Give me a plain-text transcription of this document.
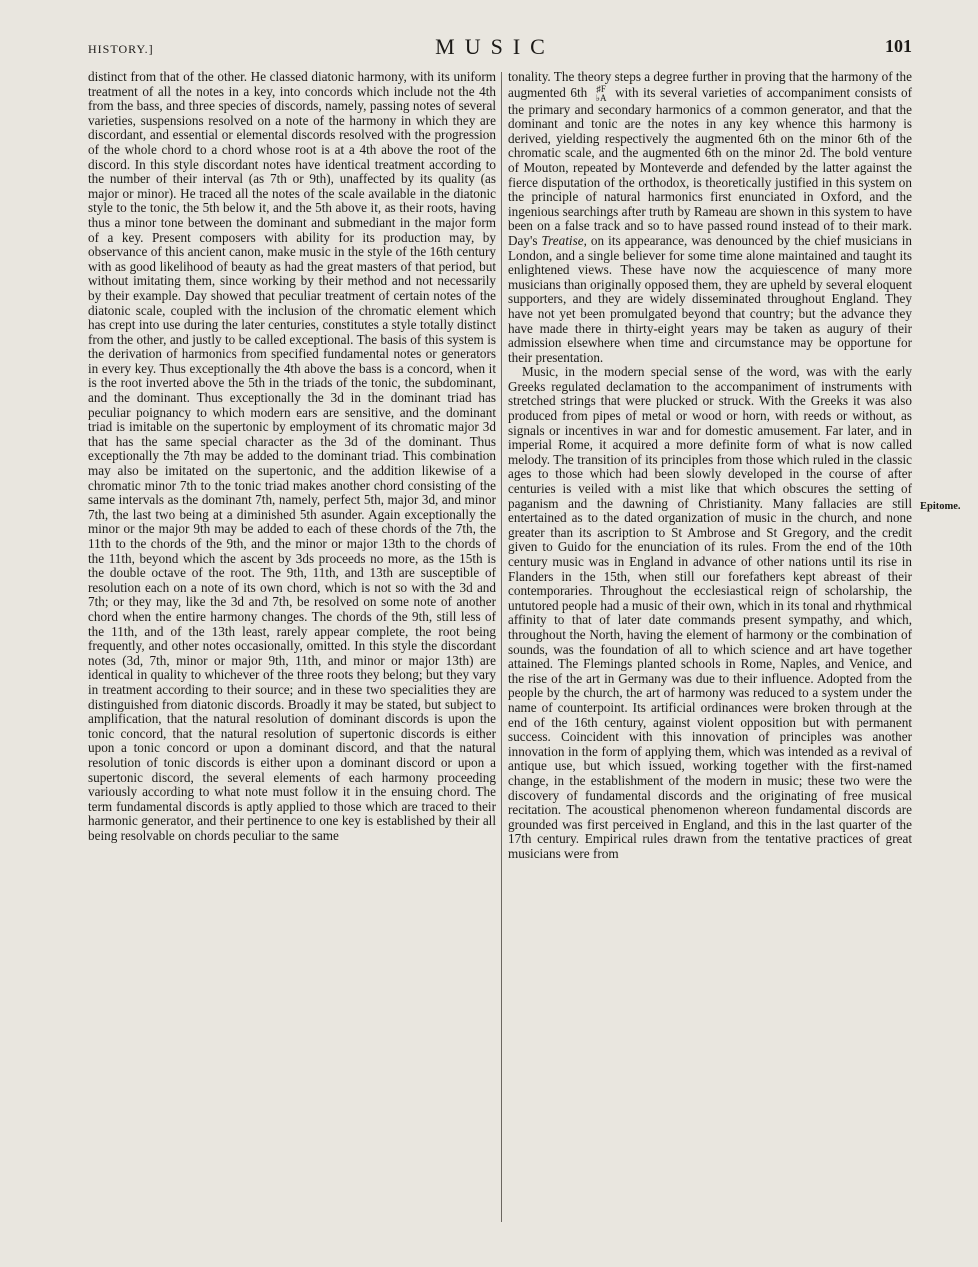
HISTORY.]	MUSIC	101

distinct from that of the other. He classed diatonic harmony, with its uniform treatment of all the notes in a key, into concords which include not the 4th from the bass, and three species of discords, namely, passing notes of several varieties, suspensions resolved on a note of the harmony in which they are discordant, and essential or elemental discords resolved with the progression of the whole chord to a chord whose root is at a 4th above the root of the discord. In this style discordant notes have identical treatment according to the number of their interval (as 7th or 9th), unaffected by its quality (as major or minor). He traced all the notes of the scale available in the diatonic style to the tonic, the 5th below it, and the 5th above it, as their roots, having thus a minor tone between the dominant and submediant in the major form of a key. Present composers with ability for its production may, by observance of this ancient canon, make music in the style of the 16th century with as good likelihood of beauty as had the great masters of that period, but without imitating them, since working by their method and not necessarily by their example. Day showed that peculiar treatment of certain notes of the diatonic scale, coupled with the inclusion of the chromatic element which has crept into use during the later centuries, constitutes a style totally distinct from the other, and justly to be called exceptional. The basis of this system is the derivation of harmonics from specified fundamental notes or generators in every key. Thus exceptionally the 4th above the bass is a concord, when it is the root inverted above the 5th in the triads of the tonic, the subdominant, and the dominant. Thus exceptionally the 3d in the dominant triad has peculiar poignancy to which modern ears are sensitive, and the dominant triad is imitable on the supertonic by employment of its chromatic major 3d that has the same special character as the 3d of the dominant. Thus exceptionally the 7th may be added to the dominant triad. This combination may also be imitated on the supertonic, and the addition likewise of a chromatic minor 7th to the tonic triad makes another chord consisting of the same intervals as the dominant 7th, namely, perfect 5th, major 3d, and minor 7th, the last two being at a diminished 5th asunder. Again exceptionally the minor or the major 9th may be added to each of these chords of the 7th, the 11th to the chords of the 9th, and the minor or major 13th to the chords of the 11th, beyond which the ascent by 3ds proceeds no more, as the 15th is the double octave of the root. The 9th, 11th, and 13th are susceptible of resolution each on a note of its own chord, which is not so with the 3d and 7th; or they may, like the 3d and 7th, be resolved on some note of another chord when the entire harmony changes. The chords of the 9th, still less of the 11th, and of the 13th least, rarely appear complete, the root being frequently, and other notes occasionally, omitted. In this style the discordant notes (3d, 7th, minor or major 9th, 11th, and minor or major 13th) are identical in quality to whichever of the three roots they belong; but they vary in treatment according to their source; and in these two specialities they are distinguished from diatonic discords. Broadly it may be stated, but subject to amplification, that the natural resolution of dominant discords is upon the tonic concord, that the natural resolution of supertonic discords is either upon a tonic concord or upon a dominant discord, and that the natural resolution of tonic discords is either upon a dominant discord or upon a supertonic discord, the several elements of each harmony proceeding variously according to what note must follow it in the ensuing chord. The term fundamental discords is aptly applied to those which are traced to their harmonic generator, and their pertinence to one key is established by their all being resolvable on chords peculiar to the same

tonality. The theory steps a degree further in proving that the harmony of the augmented 6th ♯F
♭A with its several varieties of accompaniment consists of the primary and secondary harmonics of a common generator, and that the dominant and tonic are the notes in any key whence this harmony is derived, yielding respectively the augmented 6th on the minor 6th of the chromatic scale, and the augmented 6th on the minor 2d. The bold venture of Mouton, repeated by Monteverde and defended by the latter against the fierce disputation of the orthodox, is theoretically justified in this system on the principle of natural harmonics first enunciated in Oxford, and the ingenious searchings after truth by Rameau are shown in this system to have been on a false track and so to have passed round instead of to their mark. Day's Treatise, on its appearance, was denounced by the chief musicians in London, and a single believer for some time alone maintained and taught its enlightened views. These have now the acquiescence of many more musicians than originally opposed them, they are upheld by several eloquent supporters, and they are widely disseminated throughout England. They have not yet been promulgated beyond that country; but the advance they have made there in thirty-eight years may be taken as augury of their admission elsewhere when time and circumstance may be opportune for their presentation.

Music, in the modern special sense of the word, was with the early Greeks regulated declamation to the accompaniment of instruments with stretched strings that were plucked or struck. With the Greeks it was also produced from pipes of metal or wood or horn, with reeds or without, as signals or incentives in war and for domestic amusement. Far later, and in imperial Rome, it acquired a more definite form of what is now called melody. The transition of its principles from those which ruled in the classic ages to those which had been slowly developed in the course of after centuries is veiled with a mist like that which obscures the setting of paganism and the dawning of Christianity. Many fallacies are still entertained as to the dated organization of music in the church, and none greater than its ascription to St Ambrose and St Gregory, and the credit given to Guido for the enunciation of its rules. From the end of the 10th century music was in England in advance of other nations until its rise in Flanders in the 15th, when still our forefathers kept abreast of their contemporaries. Throughout the ecclesiastical reign of scholarship, the untutored people had a music of their own, which in its tonal and rhythmical affinity to that of later date commands present sympathy, and which, throughout the North, having the element of harmony or the combination of sounds, was the foundation of all to which science and art have together attained. The Flemings planted schools in Rome, Naples, and Venice, and the rise of the art in Germany was due to their influence. Adopted from the people by the church, the art of harmony was reduced to a system under the name of counterpoint. Its artificial ordinances were broken through at the end of the 16th century, against violent opposition but with permanent success. Coincident with this innovation of principles was another innovation in the form of applying them, which was intended as a revival of antique use, but which issued, working together with the first-named change, in the establishment of the modern in music; these two were the discovery of fundamental discords and the originating of free musical recitation. The acoustical phenomenon whereon fundamental discords are grounded was first perceived in England, and this in the last quarter of the 17th century. Empirical rules drawn from the tentative practices of great musicians were from

Epitome.
